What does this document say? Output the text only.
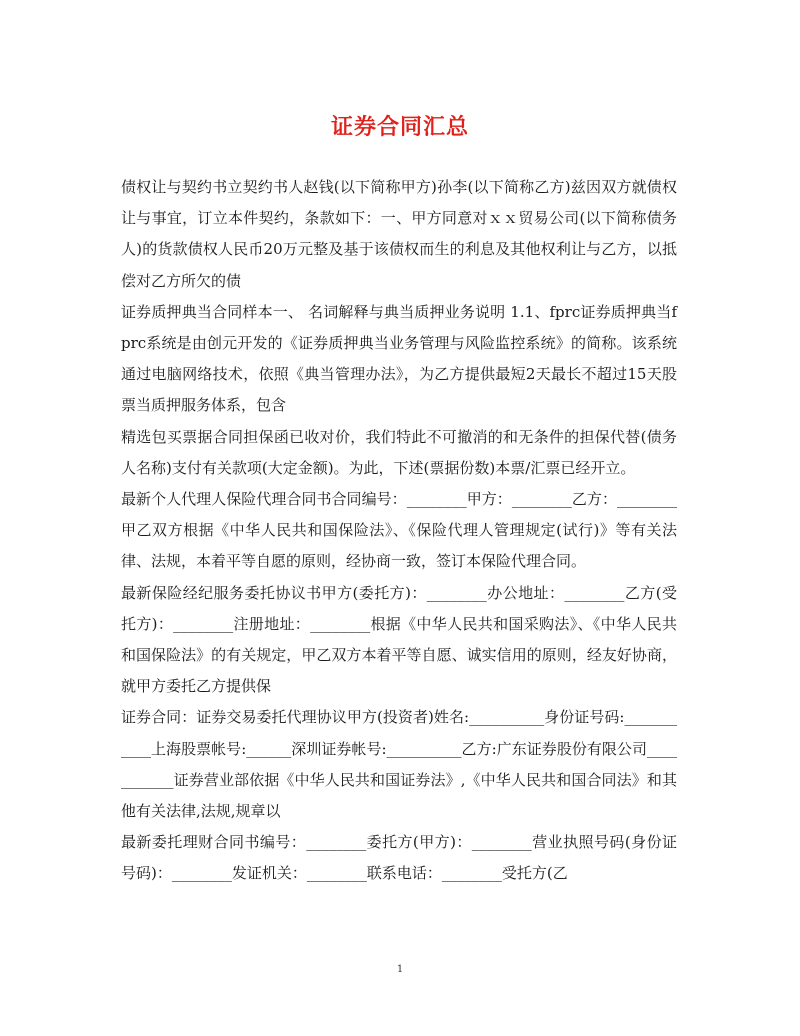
证券合同汇总

债权让与契约书立契约书人赵钱(以下简称甲方)孙李(以下简称乙方)兹因双方就债权让与事宜，订立本件契约，条款如下：一、甲方同意对ｘｘ贸易公司(以下简称债务人)的货款债权人民币20万元整及基于该债权而生的利息及其他权利让与乙方，以抵偿对乙方所欠的债

证券质押典当合同样本一、 名词解释与典当质押业务说明 1.1、fprc证券质押典当fprc系统是由创元开发的《证券质押典当业务管理与风险监控系统》的简称。该系统通过电脑网络技术，依照《典当管理办法》，为乙方提供最短2天最长不超过15天股票当质押服务体系，包含

精选包买票据合同担保函已收对价，我们特此不可撤消的和无条件的担保代替(债务人名称)支付有关款项(大定金额)。为此，下述(票据份数)本票/汇票已经开立。

最新个人代理人保险代理合同书合同编号：________甲方：________乙方：________甲乙双方根据《中华人民共和国保险法》、《保险代理人管理规定(试行)》等有关法律、法规，本着平等自愿的原则，经协商一致，签订本保险代理合同。

最新保险经纪服务委托协议书甲方(委托方)：________办公地址：________乙方(受托方)：________注册地址：________根据《中华人民共和国采购法》、《中华人民共和国保险法》的有关规定，甲乙双方本着平等自愿、诚实信用的原则，经友好协商，就甲方委托乙方提供保

证券合同：证券交易委托代理协议甲方(投资者)姓名:__________身份证号码:___________上海股票帐号:______深圳证券帐号:__________乙方:广东证券股份有限公司___________证券营业部依据《中华人民共和国证券法》,《中华人民共和国合同法》和其他有关法律,法规,规章以

最新委托理财合同书编号：________委托方(甲方)：________营业执照号码(身份证号码)：________发证机关：________联系电话：________受托方(乙

1
